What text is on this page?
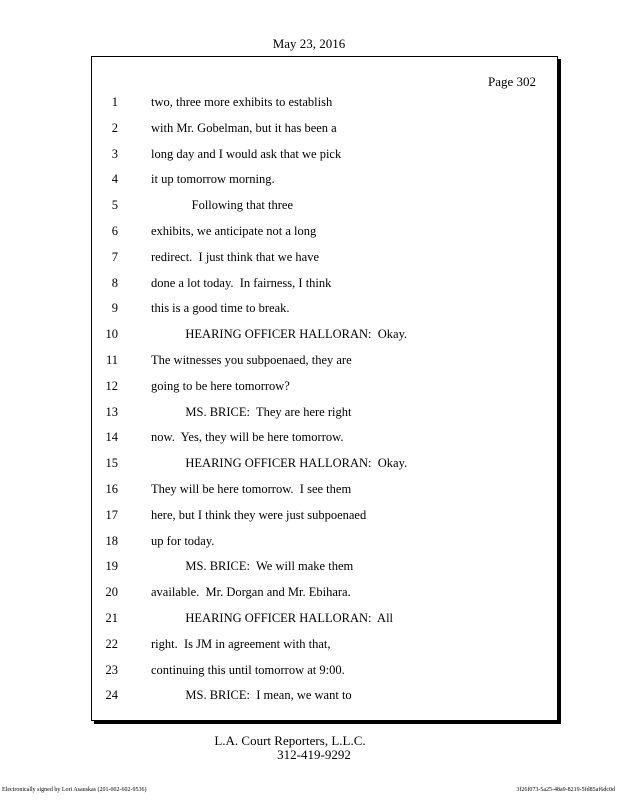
May 23, 2016
Page 302
1	two, three more exhibits to establish
2	with Mr. Gobelman, but it has been a
3	long day and I would ask that we pick
4	it up tomorrow morning.
5	Following that three
6	exhibits, we anticipate not a long
7	redirect.  I just think that we have
8	done a lot today.  In fairness, I think
9	this is a good time to break.
10	HEARING OFFICER HALLORAN:  Okay.
11	The witnesses you subpoenaed, they are
12	going to be here tomorrow?
13	MS. BRICE:  They are here right
14	now.  Yes, they will be here tomorrow.
15	HEARING OFFICER HALLORAN:  Okay.
16	They will be here tomorrow.  I see them
17	here, but I think they were just subpoenaed
18	up for today.
19	MS. BRICE:  We will make them
20	available.  Mr. Dorgan and Mr. Ebihara.
21	HEARING OFFICER HALLORAN:  All
22	right.  Is JM in agreement with that,
23	continuing this until tomorrow at 9:00.
24	MS. BRICE:  I mean, we want to
L.A. Court Reporters, L.L.C.
312-419-9292
Electronically signed by Lori Asauskas (201-002-602-9536)	3f26f073-5a25-48a9-8219-5fd85af6dc0d
